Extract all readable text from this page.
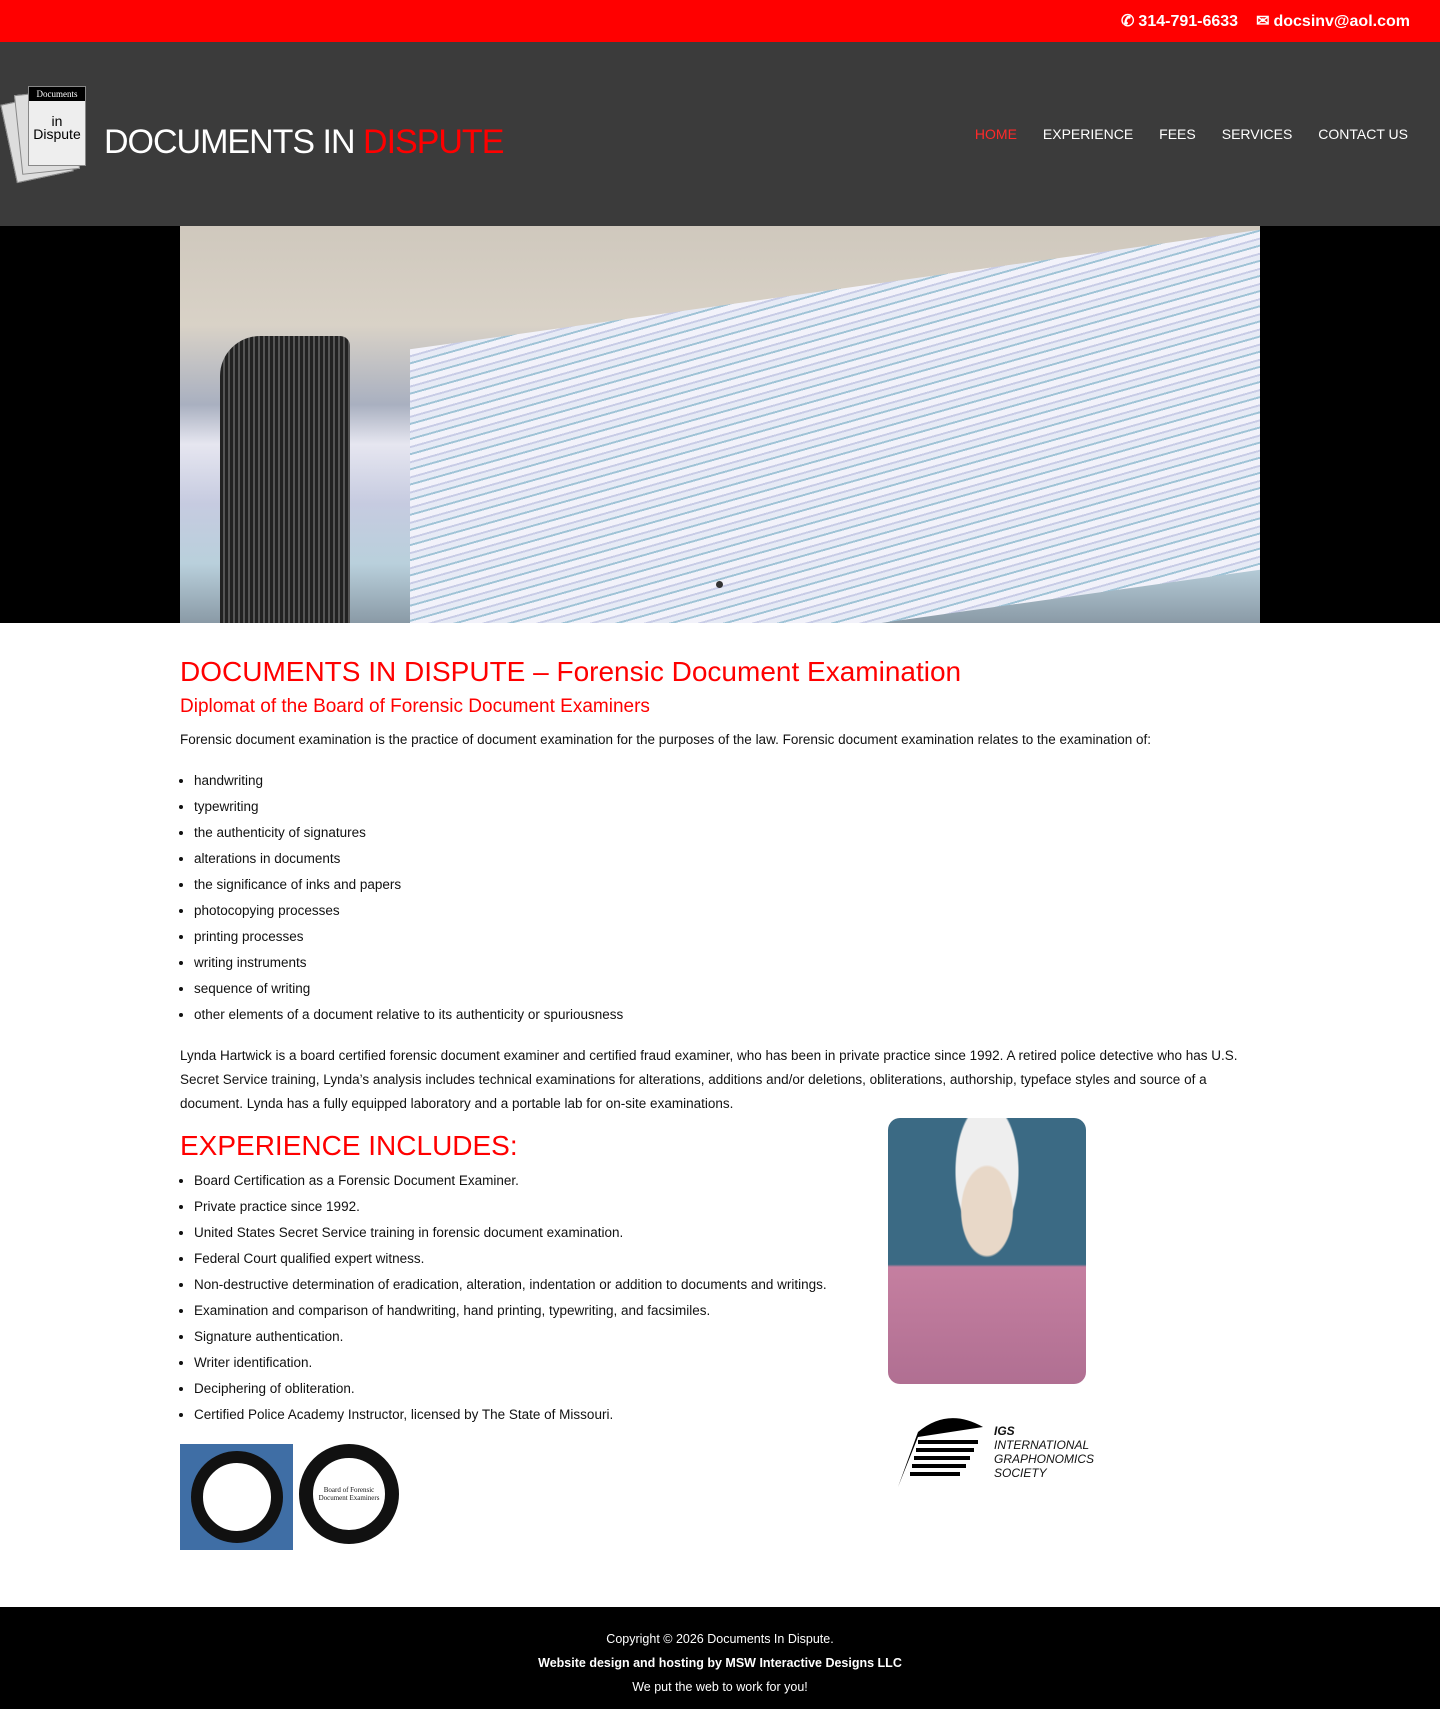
✆ 314-791-6633 ✉ docsinv@aol.com
Documents
in
Dispute DOCUMENTS IN DISPUTE	HOME EXPERIENCE FEES SERVICES CONTACT US
DOCUMENTS IN DISPUTE – Forensic Document Examination
Diplomat of the Board of Forensic Document Examiners

Forensic document examination is the practice of document examination for the purposes of the law. Forensic document examination relates to the examination of:

• handwriting
• typewriting
• the authenticity of signatures
• alterations in documents
• the significance of inks and papers
• photocopying processes
• printing processes
• writing instruments
• sequence of writing
• other elements of a document relative to its authenticity or spuriousness

Lynda Hartwick is a board certified forensic document examiner and certified fraud examiner, who has been in private practice since 1992. A retired police detective who has U.S. Secret Service training, Lynda’s analysis includes technical examinations for alterations, additions and/or deletions, obliterations, authorship, typeface styles and source of a document. Lynda has a fully equipped laboratory and a portable lab for on-site examinations.

EXPERIENCE INCLUDES:
• Board Certification as a Forensic Document Examiner.
• Private practice since 1992.
• United States Secret Service training in forensic document examination.
• Federal Court qualified expert witness.
• Non-destructive determination of eradication, alteration, indentation or addition to documents and writings.
• Examination and comparison of handwriting, hand printing, typewriting, and facsimiles.
• Signature authentication.
• Writer identification.
• Deciphering of obliteration.
• Certified Police Academy Instructor, licensed by The State of Missouri.
Board of Forensic Document Examiners
IGS
INTERNATIONAL
GRAPHONOMICS
SOCIETY
Copyright © 2026 Documents In Dispute.
Website design and hosting by MSW Interactive Designs LLC
We put the web to work for you!
